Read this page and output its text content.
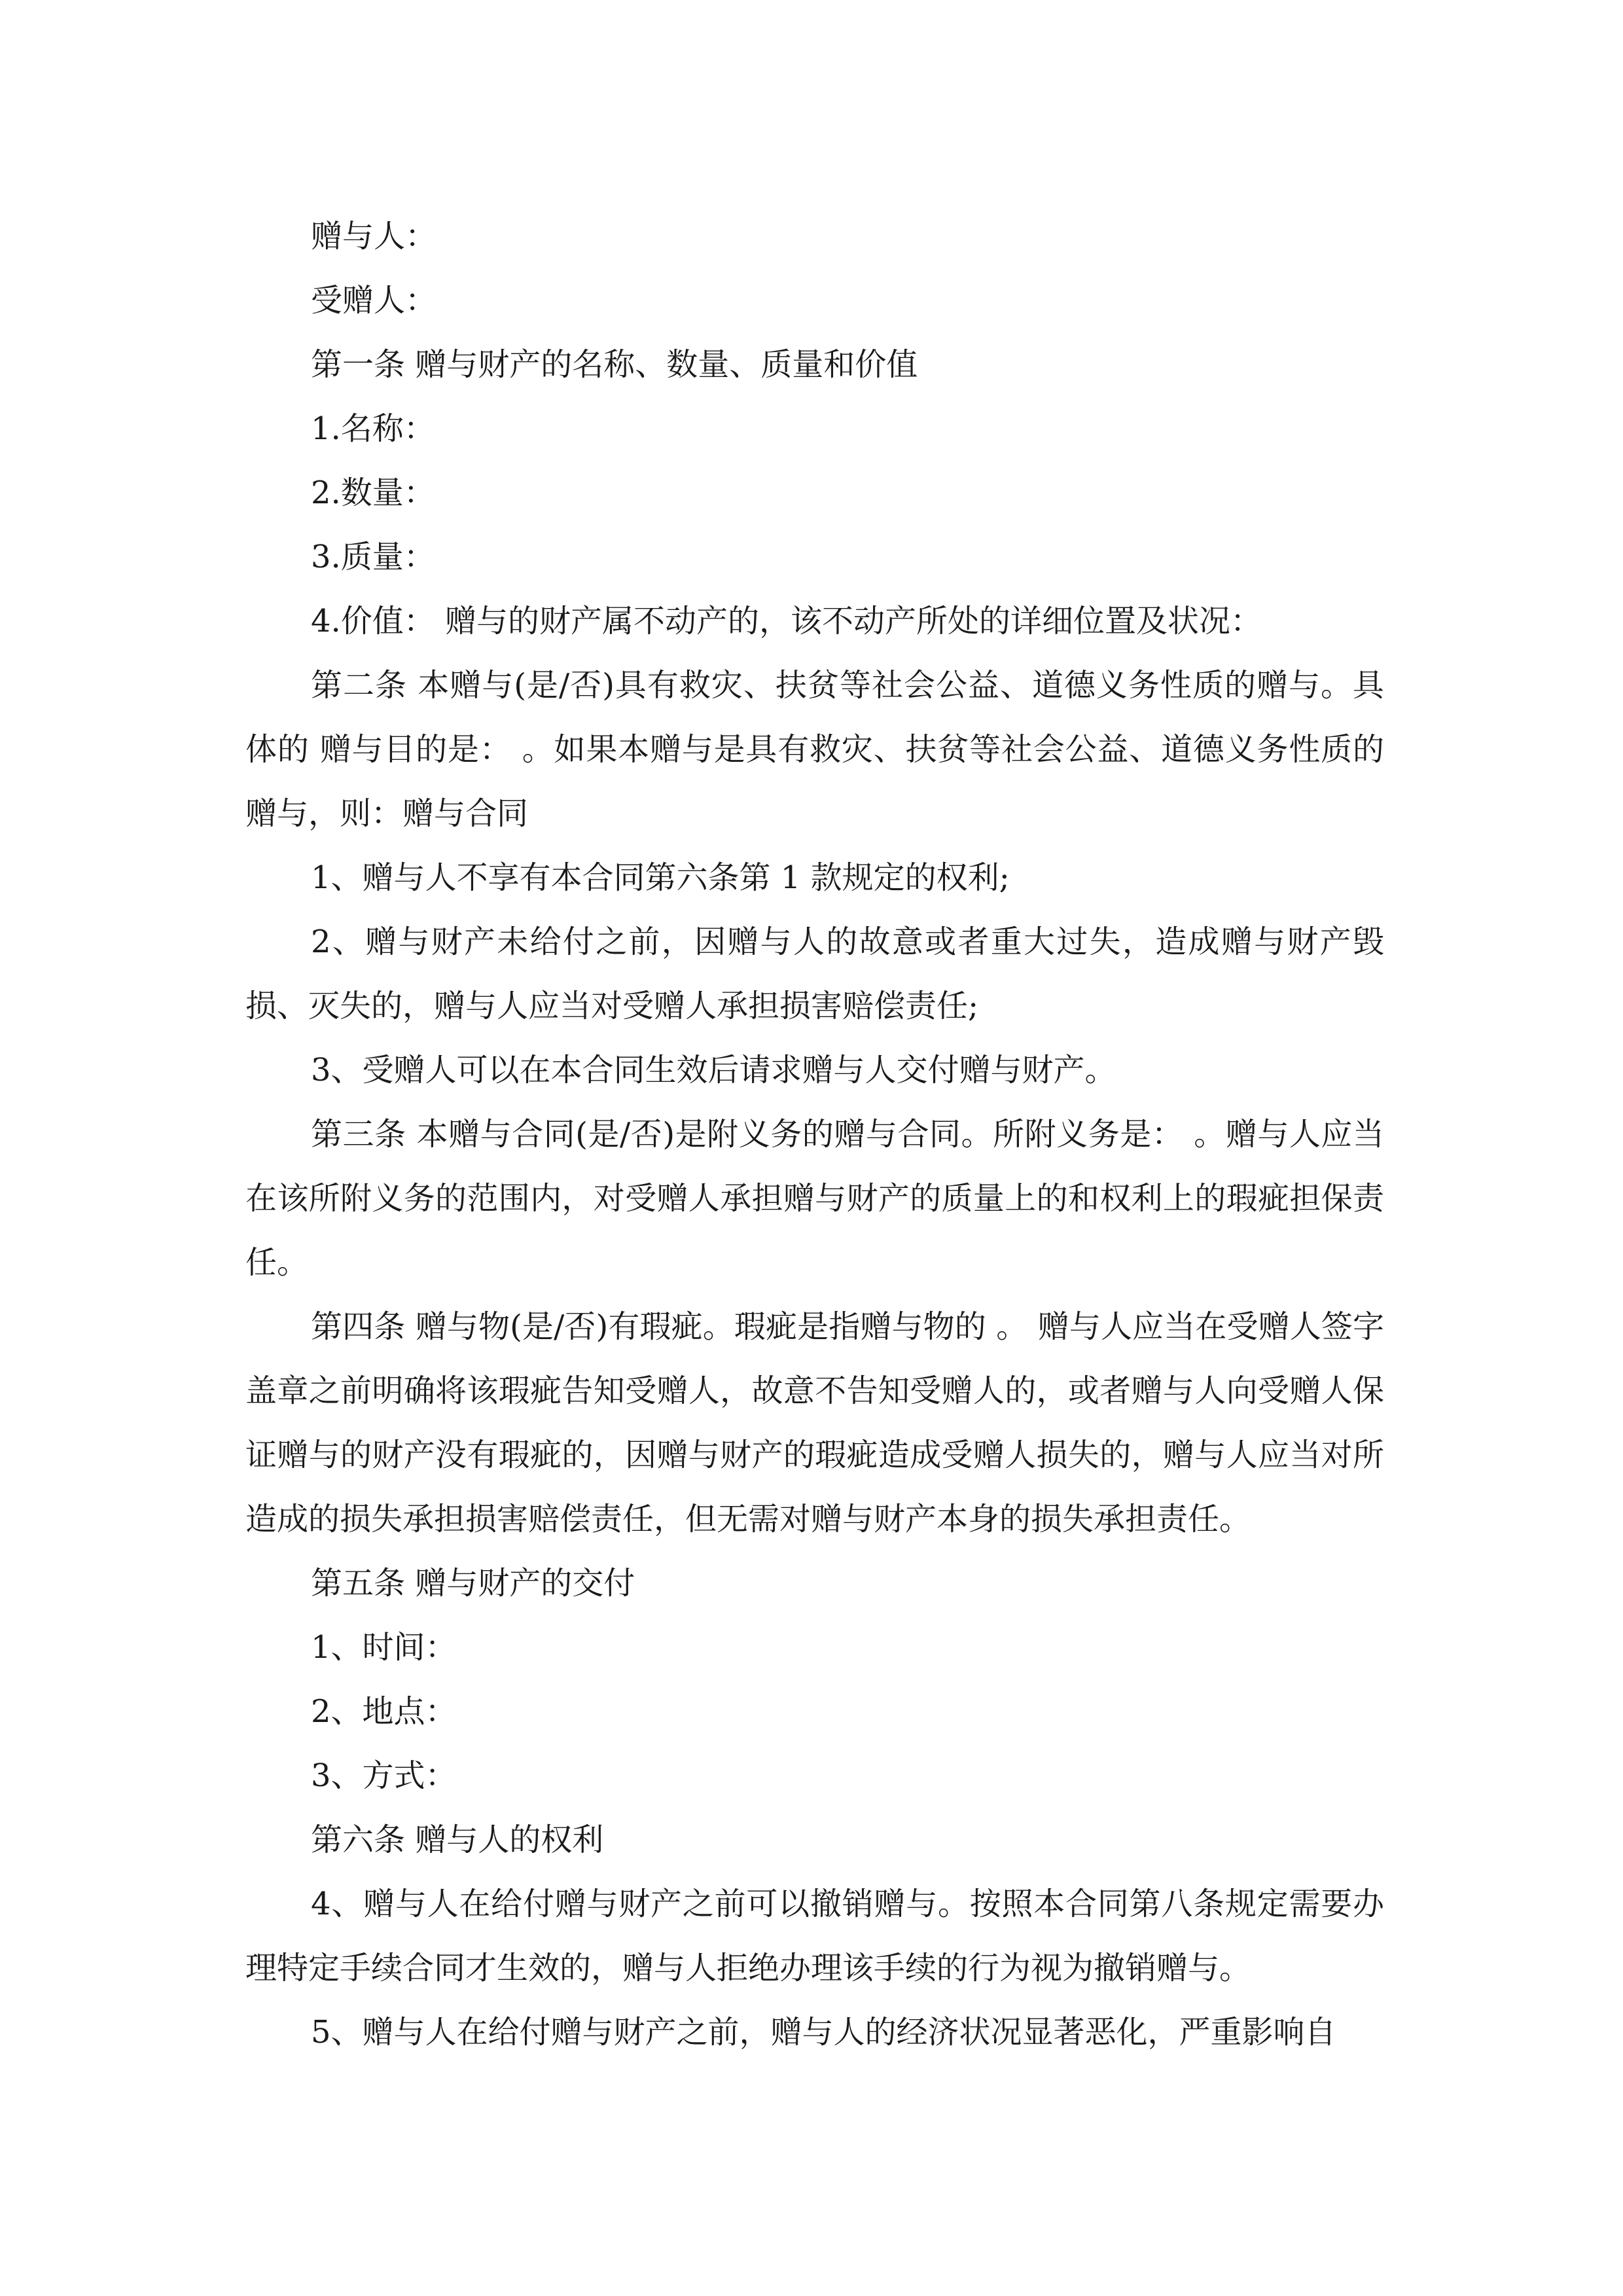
赠与人：

受赠人：

第一条 赠与财产的名称、数量、质量和价值

1.名称：

2.数量：

3.质量：

4.价值： 赠与的财产属不动产的，该不动产所处的详细位置及状况：

第二条 本赠与(是/否)具有救灾、扶贫等社会公益、道德义务性质的赠与。具体的 赠与目的是： 。如果本赠与是具有救灾、扶贫等社会公益、道德义务性质的赠与，则：赠与合同

1、赠与人不享有本合同第六条第 1 款规定的权利;

2、赠与财产未给付之前，因赠与人的故意或者重大过失，造成赠与财产毁损、灭失的，赠与人应当对受赠人承担损害赔偿责任;

3、受赠人可以在本合同生效后请求赠与人交付赠与财产。

第三条 本赠与合同(是/否)是附义务的赠与合同。所附义务是： 。赠与人应当在该所附义务的范围内，对受赠人承担赠与财产的质量上的和权利上的瑕疵担保责任。

第四条 赠与物(是/否)有瑕疵。瑕疵是指赠与物的 。 赠与人应当在受赠人签字盖章之前明确将该瑕疵告知受赠人，故意不告知受赠人的，或者赠与人向受赠人保证赠与的财产没有瑕疵的，因赠与财产的瑕疵造成受赠人损失的，赠与人应当对所造成的损失承担损害赔偿责任，但无需对赠与财产本身的损失承担责任。

第五条 赠与财产的交付

1、时间：

2、地点：

3、方式：

第六条 赠与人的权利

4、赠与人在给付赠与财产之前可以撤销赠与。按照本合同第八条规定需要办理特定手续合同才生效的，赠与人拒绝办理该手续的行为视为撤销赠与。

5、赠与人在给付赠与财产之前，赠与人的经济状况显著恶化，严重影响自
